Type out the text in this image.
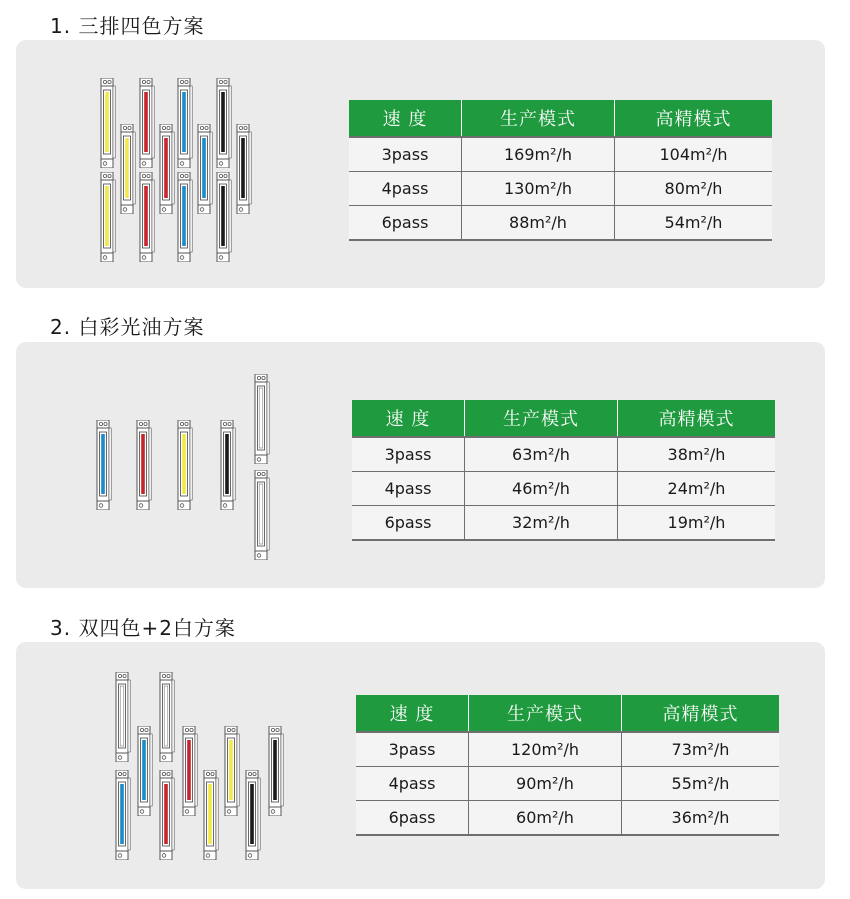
1. 三排四色方案
速 度	生产模式	高精模式
3pass	169m²/h	104m²/h
4pass	130m²/h	80m²/h
6pass	88m²/h	54m²/h
2. 白彩光油方案
速 度	生产模式	高精模式
3pass	63m²/h	38m²/h
4pass	46m²/h	24m²/h
6pass	32m²/h	19m²/h
3. 双四色+2白方案
速 度	生产模式	高精模式
3pass	120m²/h	73m²/h
4pass	90m²/h	55m²/h
6pass	60m²/h	36m²/h
